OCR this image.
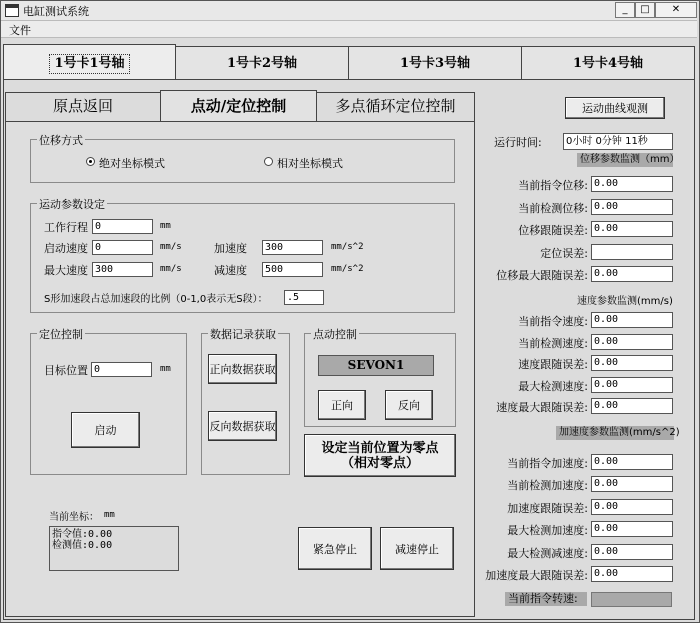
电缸测试系统	_	□	✕
文件
1号卡1号轴	1号卡2号轴	1号卡3号轴	1号卡4号轴
原点返回	点动/定位控制	多点循环定位控制
位移方式
绝对坐标模式	相对坐标模式
运动参数设定
工作行程 0	mm
启动速度 0	mm/s	加速度	300	mm/s^2
最大速度 300	mm/s	减速度	500	mm/s^2
S形加速段占总加速段的比例（0-1,0表示无S段）：	.5
定位控制
目标位置 0	mm
启动
数据记录获取
正向数据获取
反向数据获取
点动控制
SEVON1
正向	反向
设定当前位置为零点
（相对零点）
当前坐标： mm
指令值:0.00
检测值:0.00	紧急停止	减速停止
运动曲线观测
运行时间:	0小时 0分钟 11秒
位移参数监测（mm）
当前指令位移: 0.00
当前检测位移: 0.00
位移跟随误差: 0.00
定位误差:
位移最大跟随误差: 0.00
速度参数监测(mm/s)
当前指令速度: 0.00
当前检测速度: 0.00
速度跟随误差: 0.00
最大检测速度: 0.00
速度最大跟随误差: 0.00
加速度参数监测(mm/s^2)
当前指令加速度: 0.00
当前检测加速度: 0.00
加速度跟随误差: 0.00
最大检测加速度: 0.00
最大检测减速度: 0.00
加速度最大跟随误差: 0.00
当前指令转速:
